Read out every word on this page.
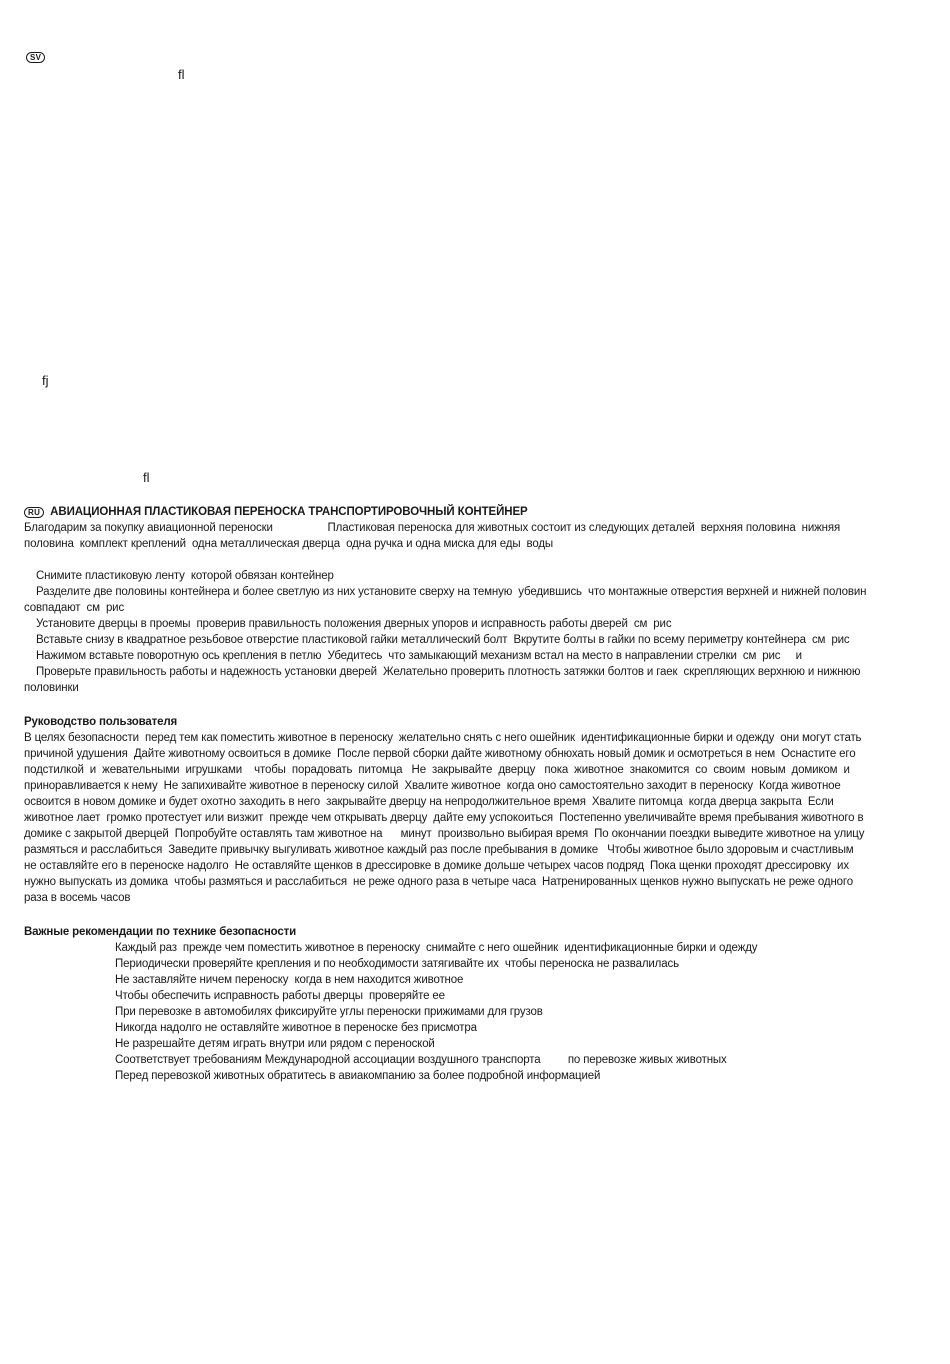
SV
fl
fj
fl
RU АВИАЦИОННАЯ ПЛАСТИКОВАЯ ПЕРЕНОСКА ТРАНСПОРТИРОВОЧНЫЙ КОНТЕЙНЕР
Благодарим за покупку авиационной переноски                  Пластиковая переноска для животных состоит из следующих деталей  верхняя половина  нижняя
половина  комплект креплений  одна металлическая дверца  одна ручка и одна миска для еды  воды
Снимите пластиковую ленту  которой обвязан контейнер
Разделите две половины контейнера и более светлую из них установите сверху на темную  убедившись  что монтажные отверстия верхней и нижней половин
совпадают  см  рис
Установите дверцы в проемы  проверив правильность положения дверных упоров и исправность работы дверей  см  рис
Вставьте снизу в квадратное резьбовое отверстие пластиковой гайки металлический болт  Вкрутите болты в гайки по всему периметру контейнера  см  рис
Нажимом вставьте поворотную ось крепления в петлю  Убедитесь  что замыкающий механизм встал на место в направлении стрелки  см  рис     и
Проверьте правильность работы и надежность установки дверей  Желательно проверить плотность затяжки болтов и гаек  скрепляющих верхнюю и нижнюю
половинки
Руководство пользователя
В целях безопасности  перед тем как поместить животное в переноску  желательно снять с него ошейник  идентификационные бирки и одежду  они могут стать
причиной удушения  Дайте животному освоиться в домике  После первой сборки дайте животному обнюхать новый домик и осмотреться в нем  Оснастите его
подстилкой  и  жевательными  игрушками    чтобы  порадовать  питомца   Не  закрывайте  дверцу   пока  животное  знакомится  со  своим  новым  домиком  и
приноравливается к нему  Не запихивайте животное в переноску силой  Хвалите животное  когда оно самостоятельно заходит в переноску  Когда животное
освоится в новом домике и будет охотно заходить в него  закрывайте дверцу на непродолжительное время  Хвалите питомца  когда дверца закрыта  Если
животное лает  громко протестует или визжит  прежде чем открывать дверцу  дайте ему успокоиться  Постепенно увеличивайте время пребывания животного в
домике с закрытой дверцей  Попробуйте оставлять там животное на      минут  произвольно выбирая время  По окончании поездки выведите животное на улицу
размяться и расслабиться  Заведите привычку выгуливать животное каждый раз после пребывания в домике   Чтобы животное было здоровым и счастливым
не оставляйте его в переноске надолго  Не оставляйте щенков в дрессировке в домике дольше четырех часов подряд  Пока щенки проходят дрессировку  их
нужно выпускать из домика  чтобы размяться и расслабиться  не реже одного раза в четыре часа  Натренированных щенков нужно выпускать не реже одного
раза в восемь часов
Важные рекомендации по технике безопасности
Каждый раз  прежде чем поместить животное в переноску  снимайте с него ошейник  идентификационные бирки и одежду
Периодически проверяйте крепления и по необходимости затягивайте их  чтобы переноска не развалилась
Не заставляйте ничем переноску  когда в нем находится животное
Чтобы обеспечить исправность работы дверцы  проверяйте ее
При перевозке в автомобилях фиксируйте углы переноски прижимами для грузов
Никогда надолго не оставляйте животное в переноске без присмотра
Не разрешайте детям играть внутри или рядом с переноской
Соответствует требованиям Международной ассоциации воздушного транспорта         по перевозке живых животных
Перед перевозкой животных обратитесь в авиакомпанию за более подробной информацией
